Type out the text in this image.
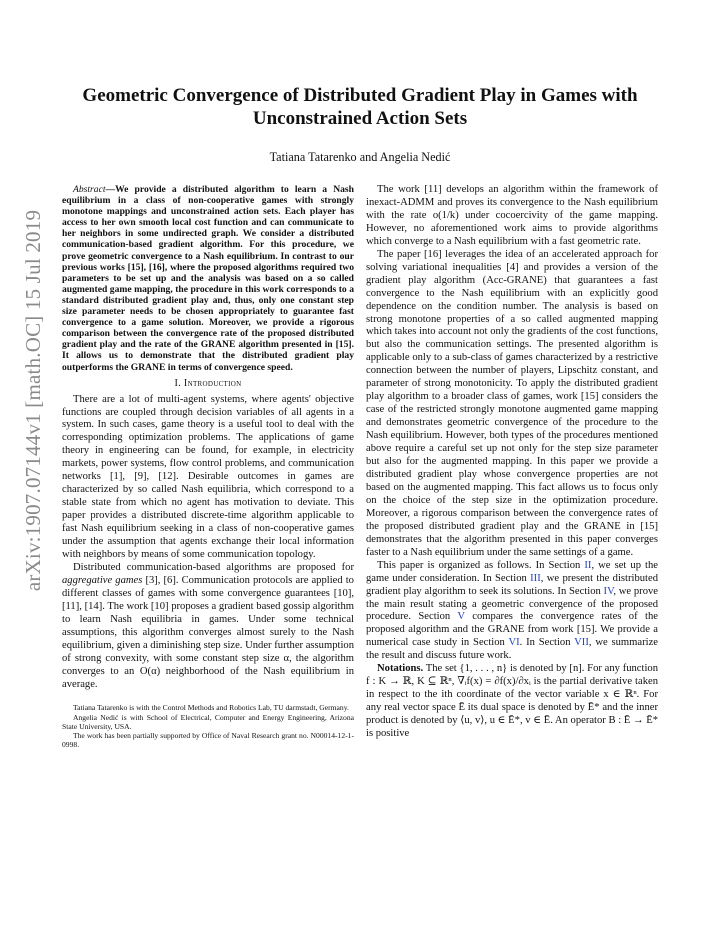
arXiv:1907.07144v1 [math.OC] 15 Jul 2019
Geometric Convergence of Distributed Gradient Play in Games with Unconstrained Action Sets
Tatiana Tatarenko and Angelia Nedić

Abstract—We provide a distributed algorithm to learn a Nash equilibrium in a class of non-cooperative games with strongly monotone mappings and unconstrained action sets. Each player has access to her own smooth local cost function and can communicate to her neighbors in some undirected graph. We consider a distributed communication-based gradient algorithm. For this procedure, we prove geometric convergence to a Nash equilibrium. In contrast to our previous works [15], [16], where the proposed algorithms required two parameters to be set up and the analysis was based on a so called augmented game mapping, the procedure in this work corresponds to a standard distributed gradient play and, thus, only one constant step size parameter needs to be chosen appropriately to guarantee fast convergence to a game solution. Moreover, we provide a rigorous comparison between the convergence rate of the proposed distributed gradient play and the rate of the GRANE algorithm presented in [15]. It allows us to demonstrate that the distributed gradient play outperforms the GRANE in terms of convergence speed.

I. Introduction

There are a lot of multi-agent systems, where agents' objective functions are coupled through decision variables of all agents in a system. In such cases, game theory is a useful tool to deal with the corresponding optimization problems. The applications of game theory in engineering can be found, for example, in electricity markets, power systems, flow control problems, and communication networks [1], [9], [12]. Desirable outcomes in games are characterized by so called Nash equilibria, which correspond to a stable state from which no agent has motivation to deviate. This paper provides a distributed discrete-time algorithm applicable to fast Nash equilibrium seeking in a class of non-cooperative games under the assumption that agents exchange their local information with neighbors by means of some communication topology.

Distributed communication-based algorithms are proposed for aggregative games [3], [6]. Communication protocols are applied to different classes of games with some convergence guarantees [10], [11], [14]. The work [10] proposes a gradient based gossip algorithm to learn Nash equilibria in games. Under some technical assumptions, this algorithm converges almost surely to the Nash equilibrium, given a diminishing step size. Under further assumption of strong convexity, with some constant step size α, the algorithm converges to an O(α) neighborhood of the Nash equilibrium in average.

Tatiana Tatarenko is with the Control Methods and Robotics Lab, TU darmstadt, Germany.

Angelia Nedić is with School of Electrical, Computer and Energy Engineering, Arizona State University, USA.

The work has been partially supported by Office of Naval Research grant no. N00014-12-1-0998.

The work [11] develops an algorithm within the framework of inexact-ADMM and proves its convergence to the Nash equilibrium with the rate o(1/k) under cocoercivity of the game mapping. However, no aforementioned work aims to provide algorithms which converge to a Nash equilibrium with a fast geometric rate.

The paper [16] leverages the idea of an accelerated approach for solving variational inequalities [4] and provides a version of the gradient play algorithm (Acc-GRANE) that guarantees a fast convergence to the Nash equilibrium with an explicitly good dependence on the condition number. The analysis is based on strong monotone properties of a so called augmented mapping which takes into account not only the gradients of the cost functions, but also the communication settings. The presented algorithm is applicable only to a sub-class of games characterized by a restrictive connection between the number of players, Lipschitz constant, and parameter of strong monotonicity. To apply the distributed gradient play algorithm to a broader class of games, work [15] considers the case of the restricted strongly monotone augmented game mapping and demonstrates geometric convergence of the procedure to the Nash equilibrium. However, both types of the procedures mentioned above require a careful set up not only for the step size parameter but also for the augmented mapping. In this paper we provide a distributed gradient play whose convergence properties are not based on the augmented mapping. This fact allows us to focus only on the choice of the step size in the optimization procedure. Moreover, a rigorous comparison between the convergence rates of the proposed distributed gradient play and the GRANE in [15] demonstrates that the algorithm presented in this paper converges faster to a Nash equilibrium under the same settings of a game.

This paper is organized as follows. In Section II, we set up the game under consideration. In Section III, we present the distributed gradient play algorithm to seek its solutions. In Section IV, we prove the main result stating a geometric convergence of the proposed procedure. Section V compares the convergence rates of the proposed algorithm and the GRANE from work [15]. We provide a numerical case study in Section VI. In Section VII, we summarize the result and discuss future work.

Notations. The set {1, . . . , n} is denoted by [n]. For any function f : K → ℝ, K ⊆ ℝⁿ, ∇ᵢf(x) = ∂f(x)/∂xᵢ is the partial derivative taken in respect to the ith coordinate of the vector variable x ∈ ℝⁿ. For any real vector space Ē its dual space is denoted by Ē* and the inner product is denoted by ⟨u, v⟩, u ∈ Ē*, v ∈ Ē. An operator B : Ē → Ē* is positive
